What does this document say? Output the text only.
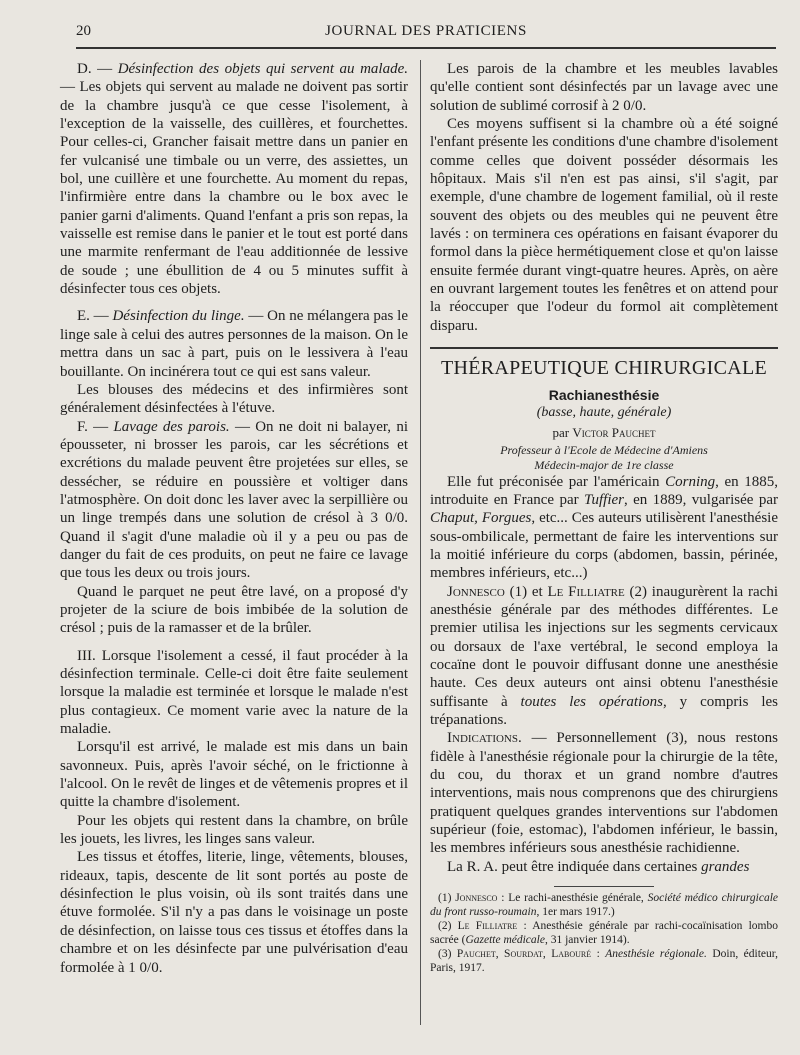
20	JOURNAL DES PRATICIENS

D. — Désinfection des objets qui servent au malade. — Les objets qui servent au malade ne doivent pas sortir de la chambre jusqu'à ce que cesse l'isolement, à l'exception de la vaisselle, des cuillères, et fourchettes. Pour celles-ci, Grancher faisait mettre dans un panier en fer vulcanisé une timbale ou un verre, des assiettes, un bol, une cuillère et une fourchette. Au moment du repas, l'infirmière entre dans la chambre ou le box avec le panier garni d'aliments. Quand l'enfant a pris son repas, la vaisselle est remise dans le panier et le tout est porté dans une marmite renfermant de l'eau additionnée de lessive de soude ; une ébullition de 4 ou 5 minutes suffit à désinfecter tous ces objets.

E. — Désinfection du linge. — On ne mélangera pas le linge sale à celui des autres personnes de la maison. On le mettra dans un sac à part, puis on le lessivera à l'eau bouillante. On incinérera tout ce qui est sans valeur.

Les blouses des médecins et des infirmières sont généralement désinfectées à l'étuve.

F. — Lavage des parois. — On ne doit ni balayer, ni épousseter, ni brosser les parois, car les sécrétions et excrétions du malade peuvent être projetées sur elles, se dessécher, se réduire en poussière et voltiger dans l'atmosphère. On doit donc les laver avec la serpillière ou un linge trempés dans une solution de crésol à 3 0/0. Quand il s'agit d'une maladie où il y a peu ou pas de danger du fait de ces produits, on peut ne faire ce lavage que tous les deux ou trois jours.

Quand le parquet ne peut être lavé, on a proposé d'y projeter de la sciure de bois imbibée de la solution de crésol ; puis de la ramasser et de la brûler.

III. Lorsque l'isolement a cessé, il faut procéder à la désinfection terminale. Celle-ci doit être faite seulement lorsque la maladie est terminée et lorsque le malade n'est plus contagieux. Ce moment varie avec la nature de la maladie.

Lorsqu'il est arrivé, le malade est mis dans un bain savonneux. Puis, après l'avoir séché, on le frictionne à l'alcool. On le revêt de linges et de vêtemenis propres et il quitte la chambre d'isolement.

Pour les objets qui restent dans la chambre, on brûle les jouets, les livres, les linges sans valeur.

Les tissus et étoffes, literie, linge, vêtements, blouses, rideaux, tapis, descente de lit sont portés au poste de désinfection le plus voisin, où ils sont traités dans une étuve formolée. S'il n'y a pas dans le voisinage un poste de désinfection, on laisse tous ces tissus et étoffes dans la chambre et on les désinfecte par une pulvérisation d'eau formolée à 1 0/0.

Les parois de la chambre et les meubles lavables qu'elle contient sont désinfectés par un lavage avec une solution de sublimé corrosif à 2 0/0.

Ces moyens suffisent si la chambre où a été soigné l'enfant présente les conditions d'une chambre d'isolement comme celles que doivent posséder désormais les hôpitaux. Mais s'il n'en est pas ainsi, s'il s'agit, par exemple, d'une chambre de logement familial, où il reste souvent des objets ou des meubles qui ne peuvent être lavés : on terminera ces opérations en faisant évaporer du formol dans la pièce hermétiquement close et qu'on laisse ensuite fermée durant vingt-quatre heures. Après, on aère en ouvrant largement toutes les fenêtres et on attend pour la réoccuper que l'odeur du formol ait complètement disparu.

THÉRAPEUTIQUE CHIRURGICALE
Rachianesthésie
(basse, haute, générale)
par Victor Pauchet
Professeur à l'Ecole de Médecine d'Amiens
Médecin-major de 1re classe

Elle fut préconisée par l'américain Corning, en 1885, introduite en France par Tuffier, en 1889, vulgarisée par Chaput, Forgues, etc... Ces auteurs utilisèrent l'anesthésie sous-ombilicale, permettant de faire les interventions sur la moitié inférieure du corps (abdomen, bassin, périnée, membres inférieurs, etc...)

Jonnesco (1) et Le Filliatre (2) inaugurèrent la rachi anesthésie générale par des méthodes différentes. Le premier utilisa les injections sur les segments cervicaux ou dorsaux de l'axe vertébral, le second employa la cocaïne dont le pouvoir diffusant donne une anesthésie haute. Ces deux auteurs ont ainsi obtenu l'anesthésie suffisante à toutes les opérations, y compris les trépanations.

Indications. — Personnellement (3), nous restons fidèle à l'anesthésie régionale pour la chirurgie de la tête, du cou, du thorax et un grand nombre d'autres interventions, mais nous comprenons que des chirurgiens pratiquent quelques grandes interventions sur l'abdomen supérieur (foie, estomac), l'abdomen inférieur, le bassin, les membres inférieurs sous anesthésie rachidienne.

La R. A. peut être indiquée dans certaines grandes

(1) Jonnesco : Le rachi-anesthésie générale, Société médico chirurgicale du front russo-roumain, 1er mars 1917.)

(2) Le Filliatre : Anesthésie générale par rachi-cocaïnisation lombo sacrée (Gazette médicale, 31 janvier 1914).

(3) Pauchet, Sourdat, Labouré : Anesthésie régionale. Doin, éditeur, Paris, 1917.
